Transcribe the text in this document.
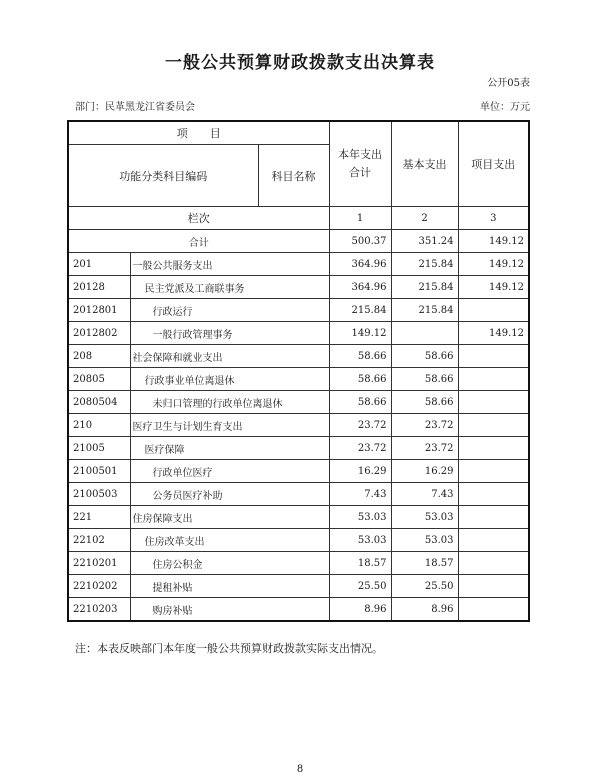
一般公共预算财政拨款支出决算表
公开05表
部门：民革黑龙江省委员会	单位：万元
项　　目			本年支出合计	基本支出	项目支出
功能分类科目编码		科目名称			
栏次			1	2	3
合计			500.37	351.24	149.12
201	一般公共服务支出		364.96	215.84	149.12
20128	民主党派及工商联事务		364.96	215.84	149.12
2012801	行政运行		215.84	215.84	
2012802	一般行政管理事务		149.12		149.12
208	社会保障和就业支出		58.66	58.66	
20805	行政事业单位离退休		58.66	58.66	
2080504	未归口管理的行政单位离退休		58.66	58.66	
210	医疗卫生与计划生育支出		23.72	23.72	
21005	医疗保障		23.72	23.72	
2100501	行政单位医疗		16.29	16.29	
2100503	公务员医疗补助		7.43	7.43	
221	住房保障支出		53.03	53.03	
22102	住房改革支出		53.03	53.03	
2210201	住房公积金		18.57	18.57	
2210202	提租补贴		25.50	25.50	
2210203	购房补贴		8.96	8.96	
注：本表反映部门本年度一般公共预算财政拨款实际支出情况。
8
